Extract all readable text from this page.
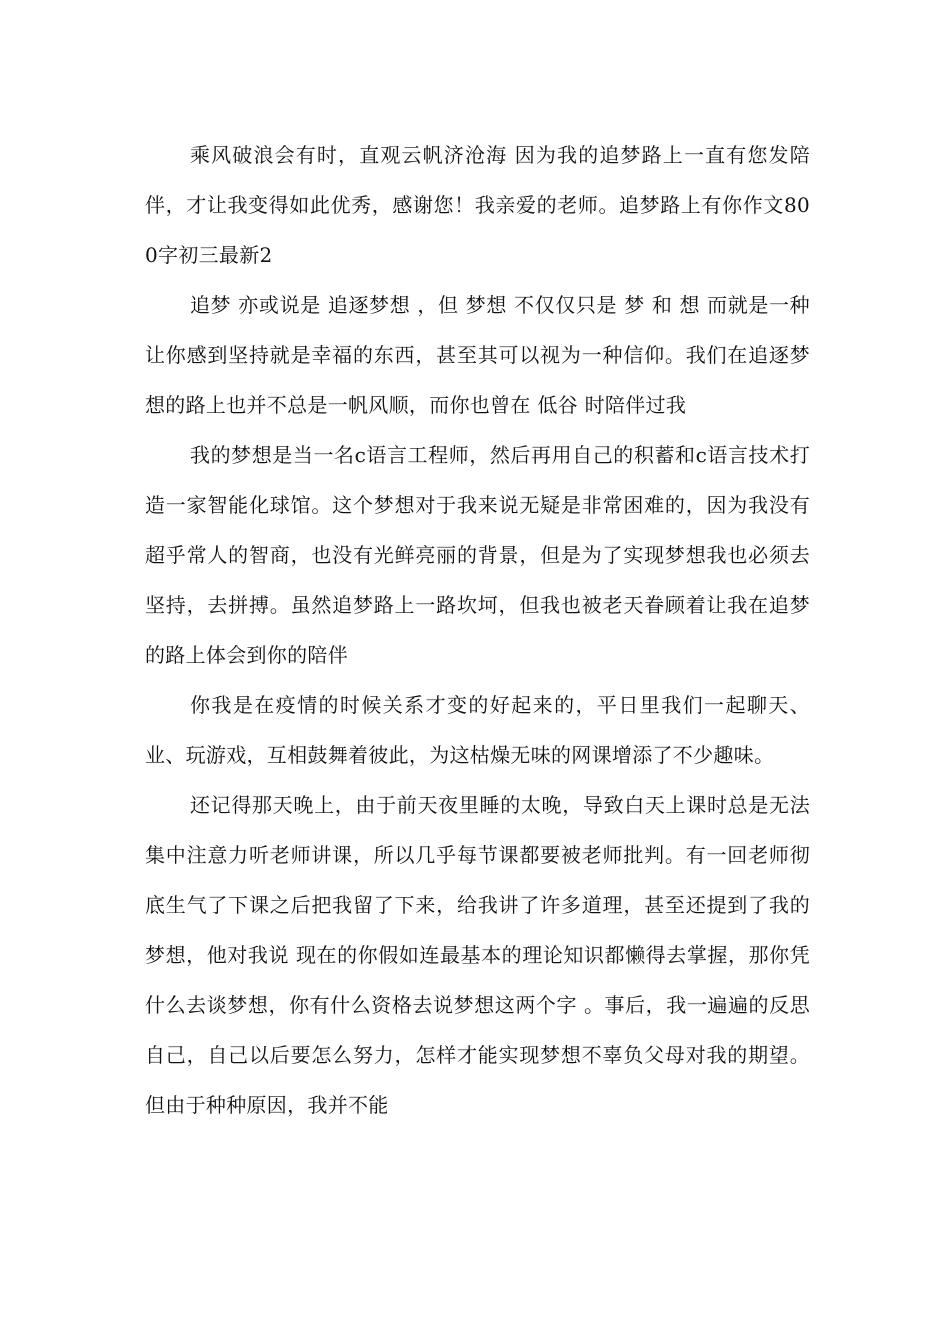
乘风破浪会有时，直观云帆济沧海 因为我的追梦路上一直有您发陪伴，才让我变得如此优秀，感谢您！我亲爱的老师。追梦路上有你作文800字初三最新2

追梦 亦或说是 追逐梦想 ，但 梦想 不仅仅只是 梦 和 想 而就是一种让你感到坚持就是幸福的东西，甚至其可以视为一种信仰。我们在追逐梦想的路上也并不总是一帆风顺，而你也曾在 低谷 时陪伴过我

我的梦想是当一名c语言工程师，然后再用自己的积蓄和c语言技术打造一家智能化球馆。这个梦想对于我来说无疑是非常困难的，因为我没有超乎常人的智商，也没有光鲜亮丽的背景，但是为了实现梦想我也必须去坚持，去拼搏。虽然追梦路上一路坎坷，但我也被老天眷顾着让我在追梦的路上体会到你的陪伴

你我是在疫情的时候关系才变的好起来的，平日里我们一起聊天、业、玩游戏，互相鼓舞着彼此，为这枯燥无味的网课增添了不少趣味。

还记得那天晚上，由于前天夜里睡的太晚，导致白天上课时总是无法集中注意力听老师讲课，所以几乎每节课都要被老师批判。有一回老师彻底生气了下课之后把我留了下来，给我讲了许多道理，甚至还提到了我的梦想，他对我说 现在的你假如连最基本的理论知识都懒得去掌握，那你凭什么去谈梦想，你有什么资格去说梦想这两个字 。事后，我一遍遍的反思自己，自己以后要怎么努力，怎样才能实现梦想不辜负父母对我的期望。但由于种种原因，我并不能
